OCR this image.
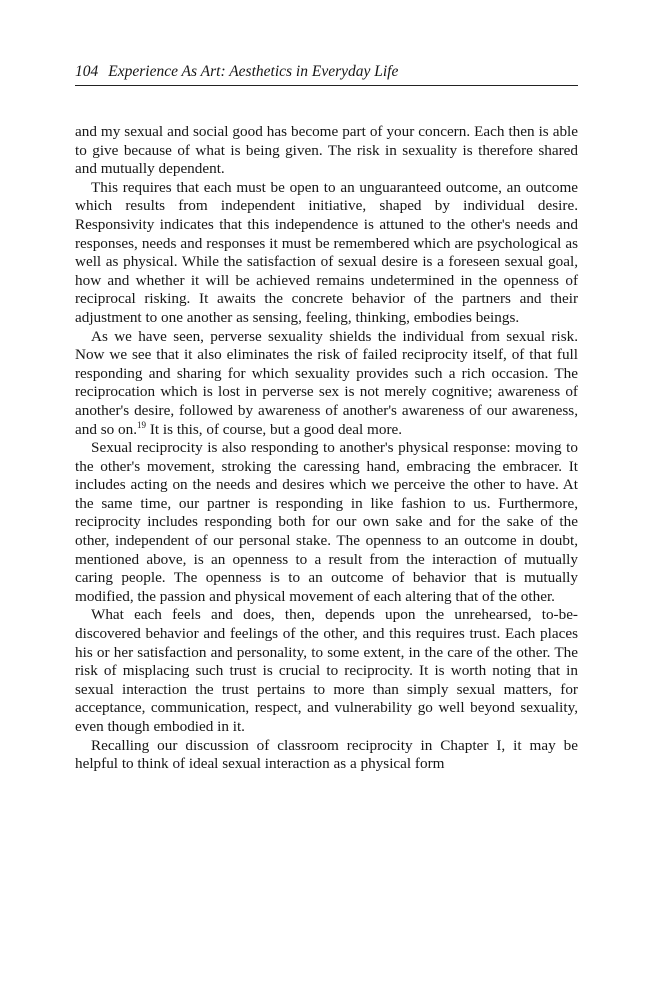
104 Experience As Art: Aesthetics in Everyday Life

and my sexual and social good has become part of your concern. Each then is able to give because of what is being given. The risk in sexuality is therefore shared and mutually dependent.

This requires that each must be open to an unguaranteed outcome, an outcome which results from independent initiative, shaped by individual desire. Responsivity indicates that this independence is attuned to the other's needs and responses, needs and responses it must be remembered which are psychological as well as physical. While the satisfaction of sexual desire is a foreseen sexual goal, how and whether it will be achieved remains undetermined in the openness of reciprocal risking. It awaits the concrete behavior of the partners and their adjustment to one another as sensing, feeling, thinking, embodies beings.

As we have seen, perverse sexuality shields the individual from sexual risk. Now we see that it also eliminates the risk of failed reciprocity itself, of that full responding and sharing for which sexuality provides such a rich occasion. The reciprocation which is lost in perverse sex is not merely cognitive; awareness of another's desire, followed by awareness of another's awareness of our awareness, and so on.$^{19}$ It is this, of course, but a good deal more.

Sexual reciprocity is also responding to another's physical response: moving to the other's movement, stroking the caressing hand, embracing the embracer. It includes acting on the needs and desires which we perceive the other to have. At the same time, our partner is responding in like fashion to us. Furthermore, reciprocity includes responding both for our own sake and for the sake of the other, independent of our personal stake. The openness to an outcome in doubt, mentioned above, is an openness to a result from the interaction of mutually caring people. The openness is to an outcome of behavior that is mutually modified, the passion and physical movement of each altering that of the other.

What each feels and does, then, depends upon the unrehearsed, to-be-discovered behavior and feelings of the other, and this requires trust. Each places his or her satisfaction and personality, to some extent, in the care of the other. The risk of misplacing such trust is crucial to reciprocity. It is worth noting that in sexual interaction the trust pertains to more than simply sexual matters, for acceptance, communication, respect, and vulnerability go well beyond sexuality, even though embodied in it.

Recalling our discussion of classroom reciprocity in Chapter I, it may be helpful to think of ideal sexual interaction as a physical form
